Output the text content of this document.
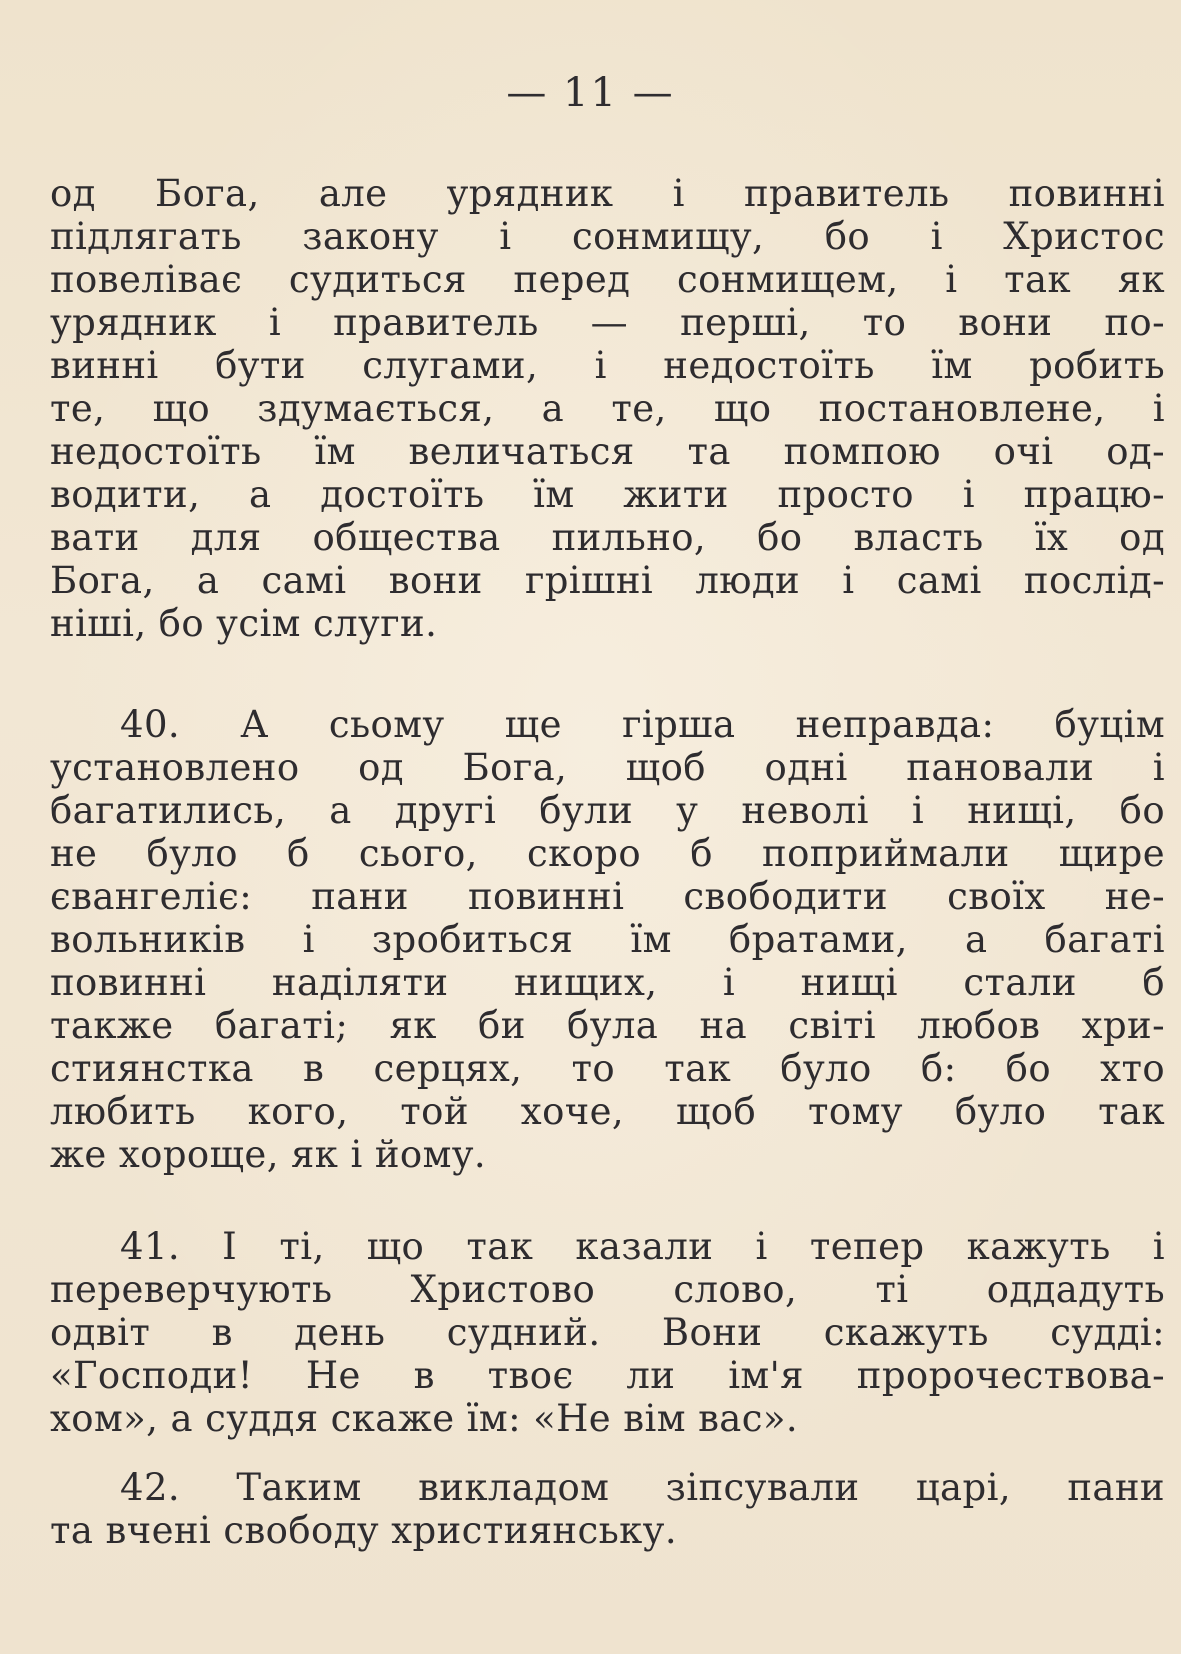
— 11 —
од Бога, але урядник і правитель повинні
підлягать закону і сонмищу, бо і Христос
повеліває судиться перед сонмищем, і так як
урядник і правитель — перші, то вони по-
винні бути слугами, і недостоїть їм робить
те, що здумається, а те, що постановлене, і
недостоїть їм величаться та помпою очі од-
водити, а достоїть їм жити просто і працю-
вати для общества пильно, бо власть їх од
Бога, а самі вони грішні люди і самі послід-
ніші, бо усім слуги.
40. А сьому ще гірша неправда: буцім
установлено од Бога, щоб одні пановали і
багатились, а другі були у неволі і нищі, бо
не було б сього, скоро б поприймали щире
євангеліє: пани повинні свободити своїх не-
вольників і зробиться їм братами, а багаті
повинні наділяти нищих, і нищі стали б
также багаті; як би була на світі любов хри-
стиянстка в серцях, то так було б: бо хто
любить кого, той хоче, щоб тому було так
же хороще, як і йому.
41. І ті, що так казали і тепер кажуть і
переверчують Христово слово, ті оддадуть
одвіт в день судний. Вони скажуть судді:
«Господи! Не в твоє ли ім'я пророчествова-
хом», а суддя скаже їм: «Не вім вас».
42. Таким викладом зіпсували царі, пани
та вчені свободу християнську.
